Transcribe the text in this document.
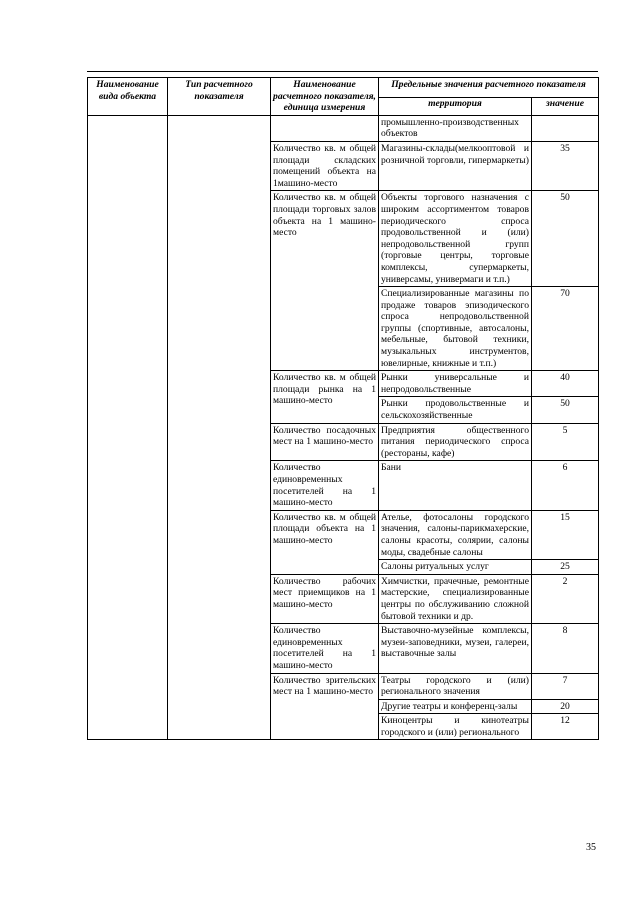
Наименование вида объекта	Тип расчетного показателя	Наименование расчетного показателя, единица измерения	Предельные значения расчетного показателя	
			территория	значение
			промышленно-производственных объектов	
		Количество кв. м общей площади складских помещений объекта на 1машино-место	Магазины-склады(мелкооптовой и розничной торговли, гипермаркеты)	35
		Количество кв. м общей площади торговых залов объекта на 1 машино-место	Объекты торгового назначения с широким ассортиментом товаров периодического спроса продовольственной и (или) непродовольственной групп (торговые центры, торговые комплексы, супермаркеты, универсамы, универмаги и т.п.)	50
			Специализированные магазины по продаже товаров эпизодического спроса непродовольственной группы (спортивные, автосалоны, мебельные, бытовой техники, музыкальных инструментов, ювелирные, книжные и т.п.)	70
		Количество кв. м общей площади рынка на 1 машино-место	Рынки универсальные и непродовольственные	40
			Рынки продовольственные и сельскохозяйственные	50
		Количество посадочных мест на 1 машино-место	Предприятия общественного питания периодического спроса (рестораны, кафе)	5
		Количество единовременных посетителей на 1 машино-место	Бани	6
		Количество кв. м общей площади объекта на 1 машино-место	Ателье, фотосалоны городского значения, салоны-парикмахерские, салоны красоты, солярии, салоны моды, свадебные салоны	15
			Салоны ритуальных услуг	25
		Количество рабочих мест приемщиков на 1 машино-место	Химчистки, прачечные, ремонтные мастерские, специализированные центры по обслуживанию сложной бытовой техники и др.	2
		Количество единовременных посетителей на 1 машино-место	Выставочно-музейные комплексы, музеи-заповедники, музеи, галереи, выставочные залы	8
		Количество зрительских мест на 1 машино-место	Театры городского и (или) регионального значения	7
			Другие театры и конференц-залы	20
			Киноцентры и кинотеатры городского и (или) регионального	12
35
